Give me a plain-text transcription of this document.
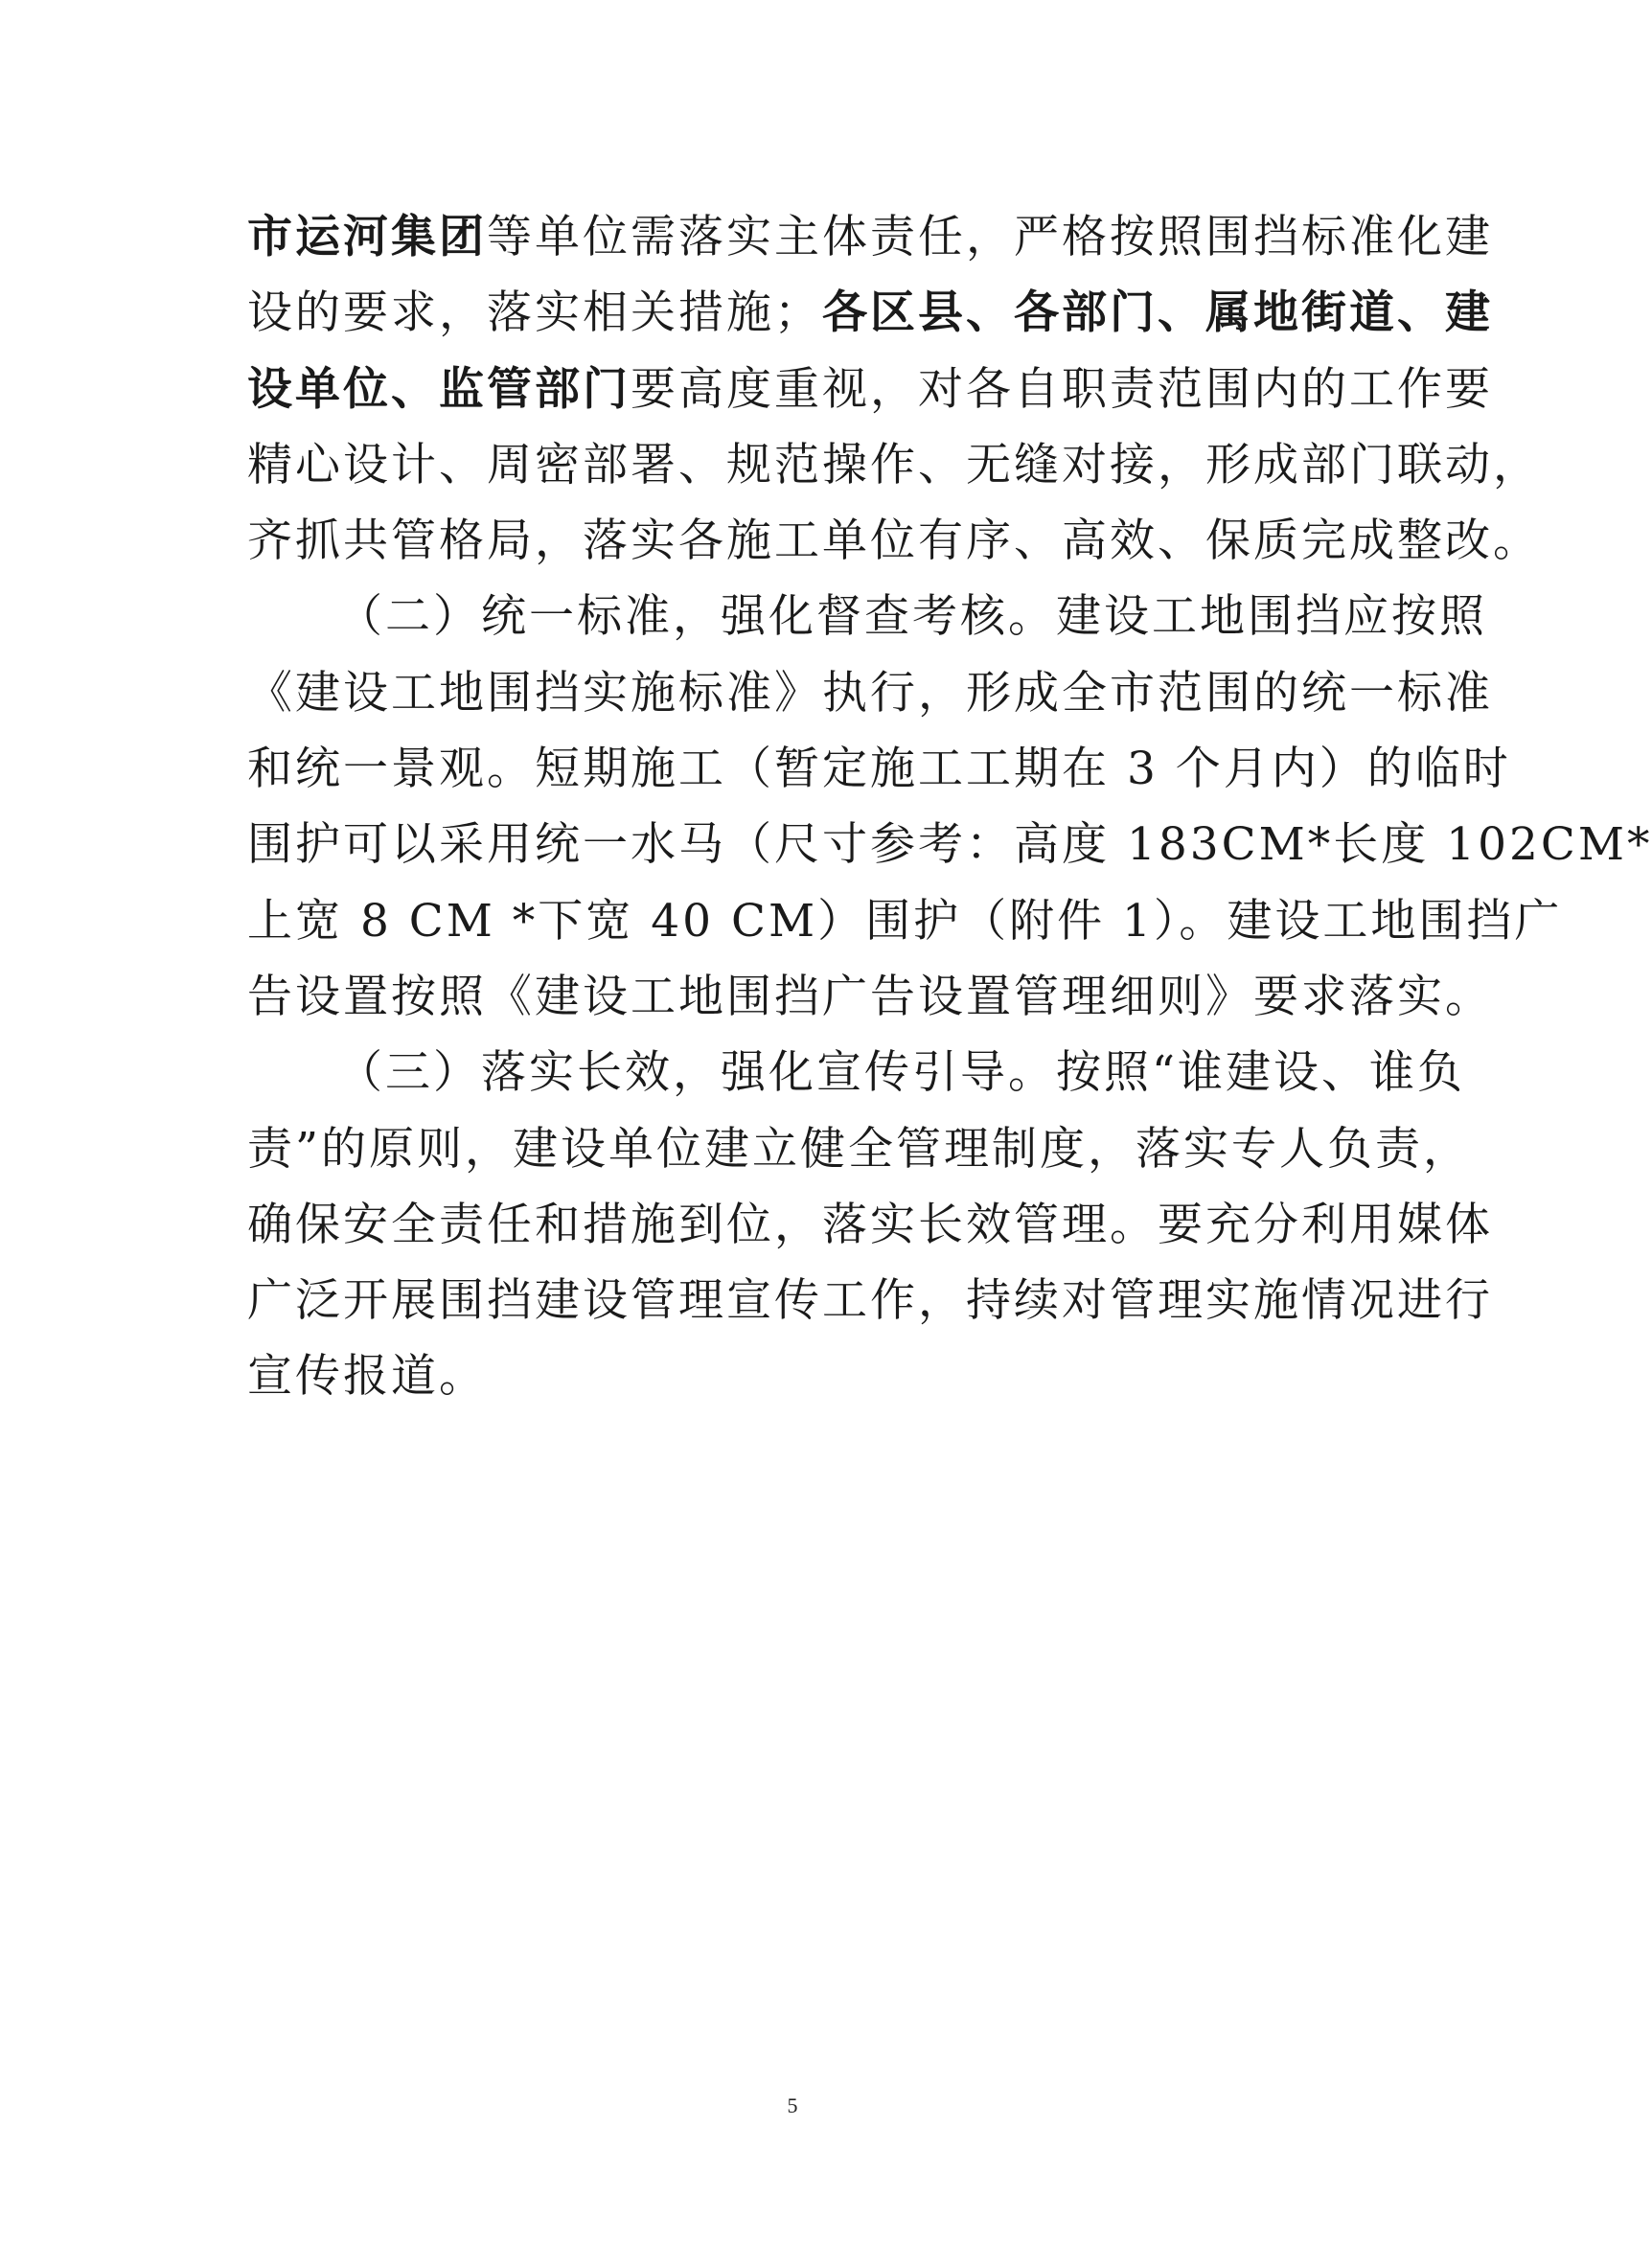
市运河集团等单位需落实主体责任，严格按照围挡标准化建
设的要求，落实相关措施；各区县、各部门、属地街道、建
设单位、监管部门要高度重视，对各自职责范围内的工作要
精心设计、周密部署、规范操作、无缝对接，形成部门联动，
齐抓共管格局，落实各施工单位有序、高效、保质完成整改。
（二）统一标准，强化督查考核。建设工地围挡应按照
《建设工地围挡实施标准》执行，形成全市范围的统一标准
和统一景观。短期施工（暂定施工工期在 3 个月内）的临时
围护可以采用统一水马（尺寸参考：高度 183CM*长度 102CM*
上宽 8 CM *下宽 40 CM）围护（附件 1）。建设工地围挡广
告设置按照《建设工地围挡广告设置管理细则》要求落实。
（三）落实长效，强化宣传引导。按照“谁建设、谁负
责”的原则，建设单位建立健全管理制度，落实专人负责，
确保安全责任和措施到位，落实长效管理。要充分利用媒体
广泛开展围挡建设管理宣传工作，持续对管理实施情况进行
宣传报道。
5
